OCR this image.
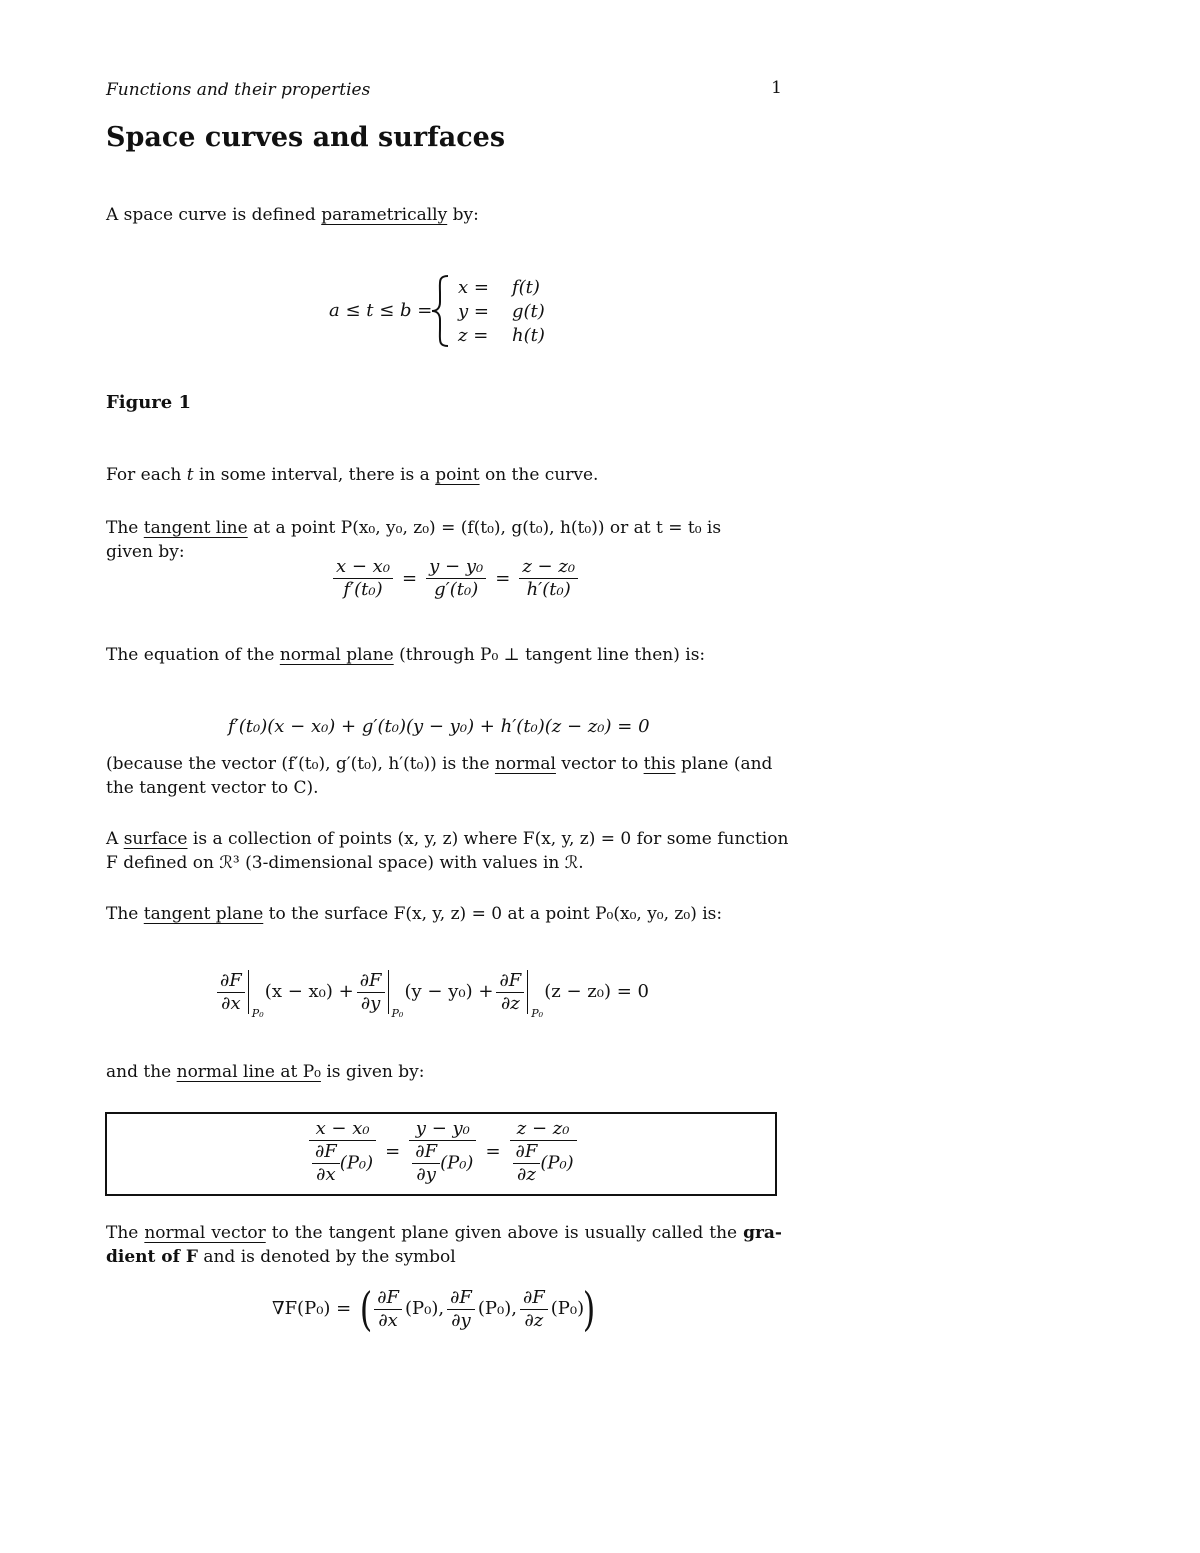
Functions and their properties	1
Space curves and surfaces
A space curve is defined parametrically by:
a ≤ t ≤ b =
x = f(t)
y = g(t)
z = h(t)
Figure 1
For each t in some interval, there is a point on the curve.
The tangent line at a point P(x₀, y₀, z₀) = (f(t₀), g(t₀), h(t₀)) or at t = t₀ is
given by:
$\frac{\text{x − x₀}}{\text{f′(t₀)}} = \frac{\text{y − y₀}}{\text{g′(t₀)}} = \frac{\text{z − z₀}}{\text{h′(t₀)}}$
The equation of the normal plane (through P₀ ⊥ tangent line then) is:
f′(t₀)(x − x₀) + g′(t₀)(y − y₀) + h′(t₀)(z − z₀) = 0
(because the vector (f′(t₀), g′(t₀), h′(t₀)) is the normal vector to this plane (and
the tangent vector to C).
A surface is a collection of points (x, y, z) where F(x, y, z) = 0 for some function
F defined on ℛ³ (3-dimensional space) with values in ℛ.
The tangent plane to the surface F(x, y, z) = 0 at a point P₀(x₀, y₀, z₀) is:
$\frac{\partial F}{\partial x}$
P₀
$(x - x_0) + \frac{\partial F}{\partial y}$
P₀
$(y - y_0) + \frac{\partial F}{\partial z}$
P₀
(z − z₀) = 0
and the normal line at P₀ is given by:
$\frac{\text{x − x₀}}{\frac{\partial F}{\partial x} (P_0)} = \frac{\text{y − y₀}}{\frac{\partial F}{\partial y} (P_0)} = \frac{\text{z − z₀}}{\frac{\partial F}{\partial z} (P_0)}$
The normal vector to the tangent plane given above is usually called the gra-
dient of F and is denoted by the symbol
∇F(P₀) = ( $\frac{\partial F}{\partial x} (P_0)$, $\frac{\partial F}{\partial y} (P_0)$, $\frac{\partial F}{\partial z} (P_0)$)
